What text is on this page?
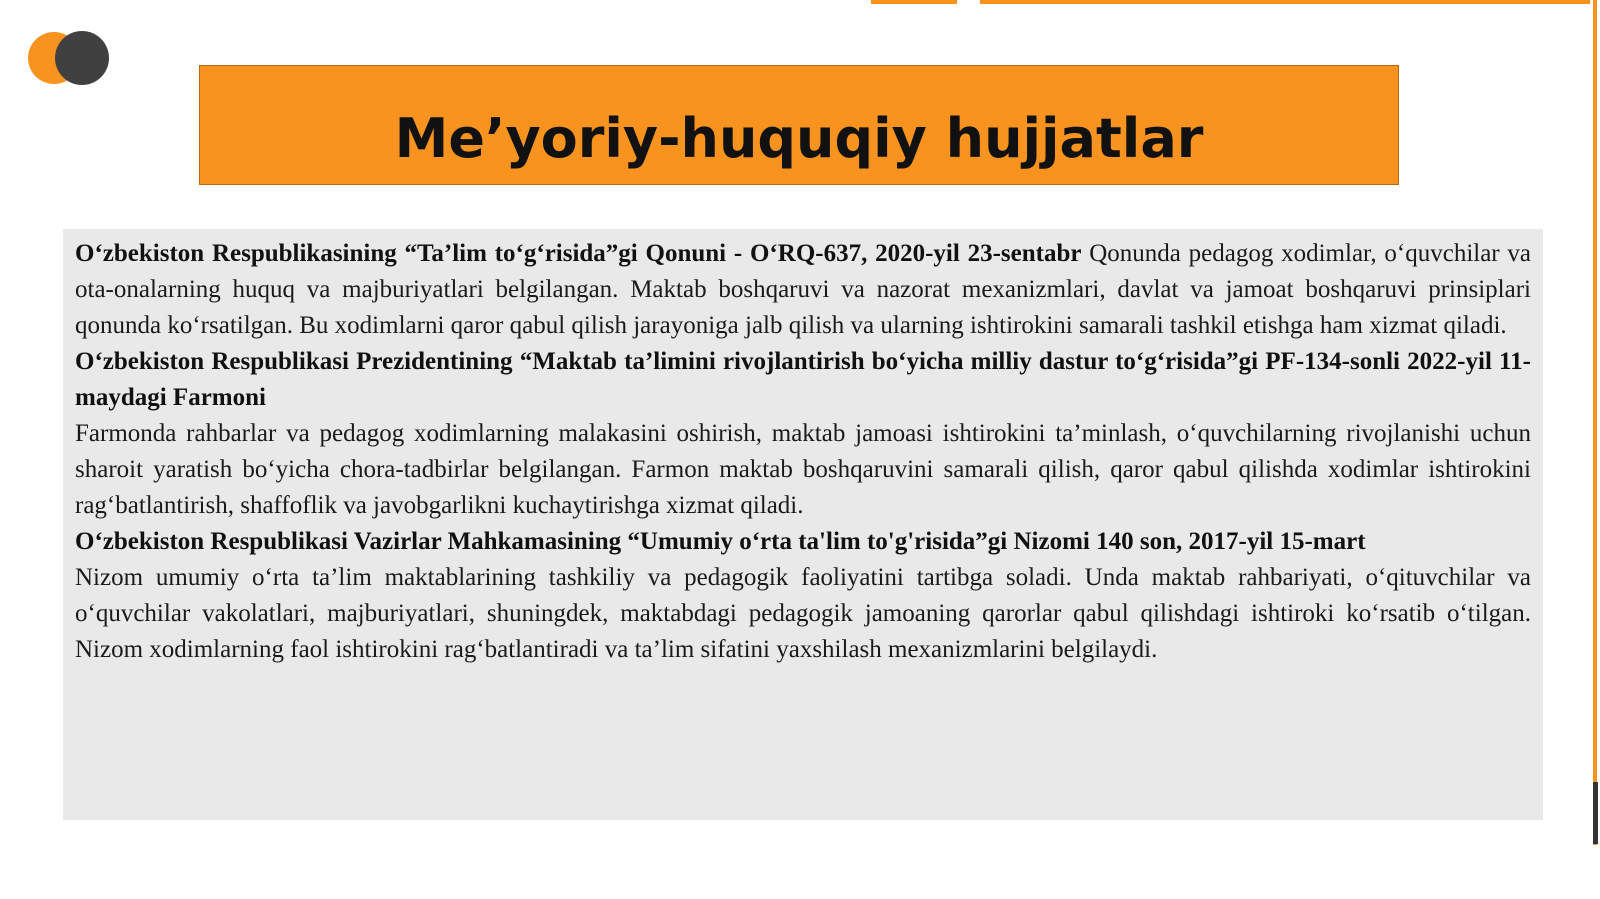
Me’yoriy-huquqiy hujjatlar

O‘zbekiston Respublikasining “Ta’lim to‘g‘risida”gi Qonuni - O‘RQ-637, 2020-yil 23-sentabr Qonunda pedagog xodimlar, o‘quvchilar va ota-onalarning huquq va majburiyatlari belgilangan. Maktab boshqaruvi va nazorat mexanizmlari, davlat va jamoat boshqaruvi prinsiplari qonunda ko‘rsatilgan. Bu xodimlarni qaror qabul qilish jarayoniga jalb qilish va ularning ishtirokini samarali tashkil etishga ham xizmat qiladi.

O‘zbekiston Respublikasi Prezidentining “Maktab ta’limini rivojlantirish bo‘yicha milliy dastur to‘g‘risida”gi PF-134-sonli 2022-yil 11-maydagi Farmoni

Farmonda rahbarlar va pedagog xodimlarning malakasini oshirish, maktab jamoasi ishtirokini ta’minlash, o‘quvchilarning rivojlanishi uchun sharoit yaratish bo‘yicha chora-tadbirlar belgilangan. Farmon maktab boshqaruvini samarali qilish, qaror qabul qilishda xodimlar ishtirokini rag‘batlantirish, shaffoflik va javobgarlikni kuchaytirishga xizmat qiladi.

O‘zbekiston Respublikasi Vazirlar Mahkamasining “Umumiy o‘rta ta'lim to'g'risida”gi Nizomi 140 son, 2017-yil 15-mart

Nizom umumiy o‘rta ta’lim maktablarining tashkiliy va pedagogik faoliyatini tartibga soladi. Unda maktab rahbariyati, o‘qituvchilar va o‘quvchilar vakolatlari, majburiyatlari, shuningdek, maktabdagi pedagogik jamoaning qarorlar qabul qilishdagi ishtiroki ko‘rsatib o‘tilgan. Nizom xodimlarning faol ishtirokini rag‘batlantiradi va ta’lim sifatini yaxshilash mexanizmlarini belgilaydi.
